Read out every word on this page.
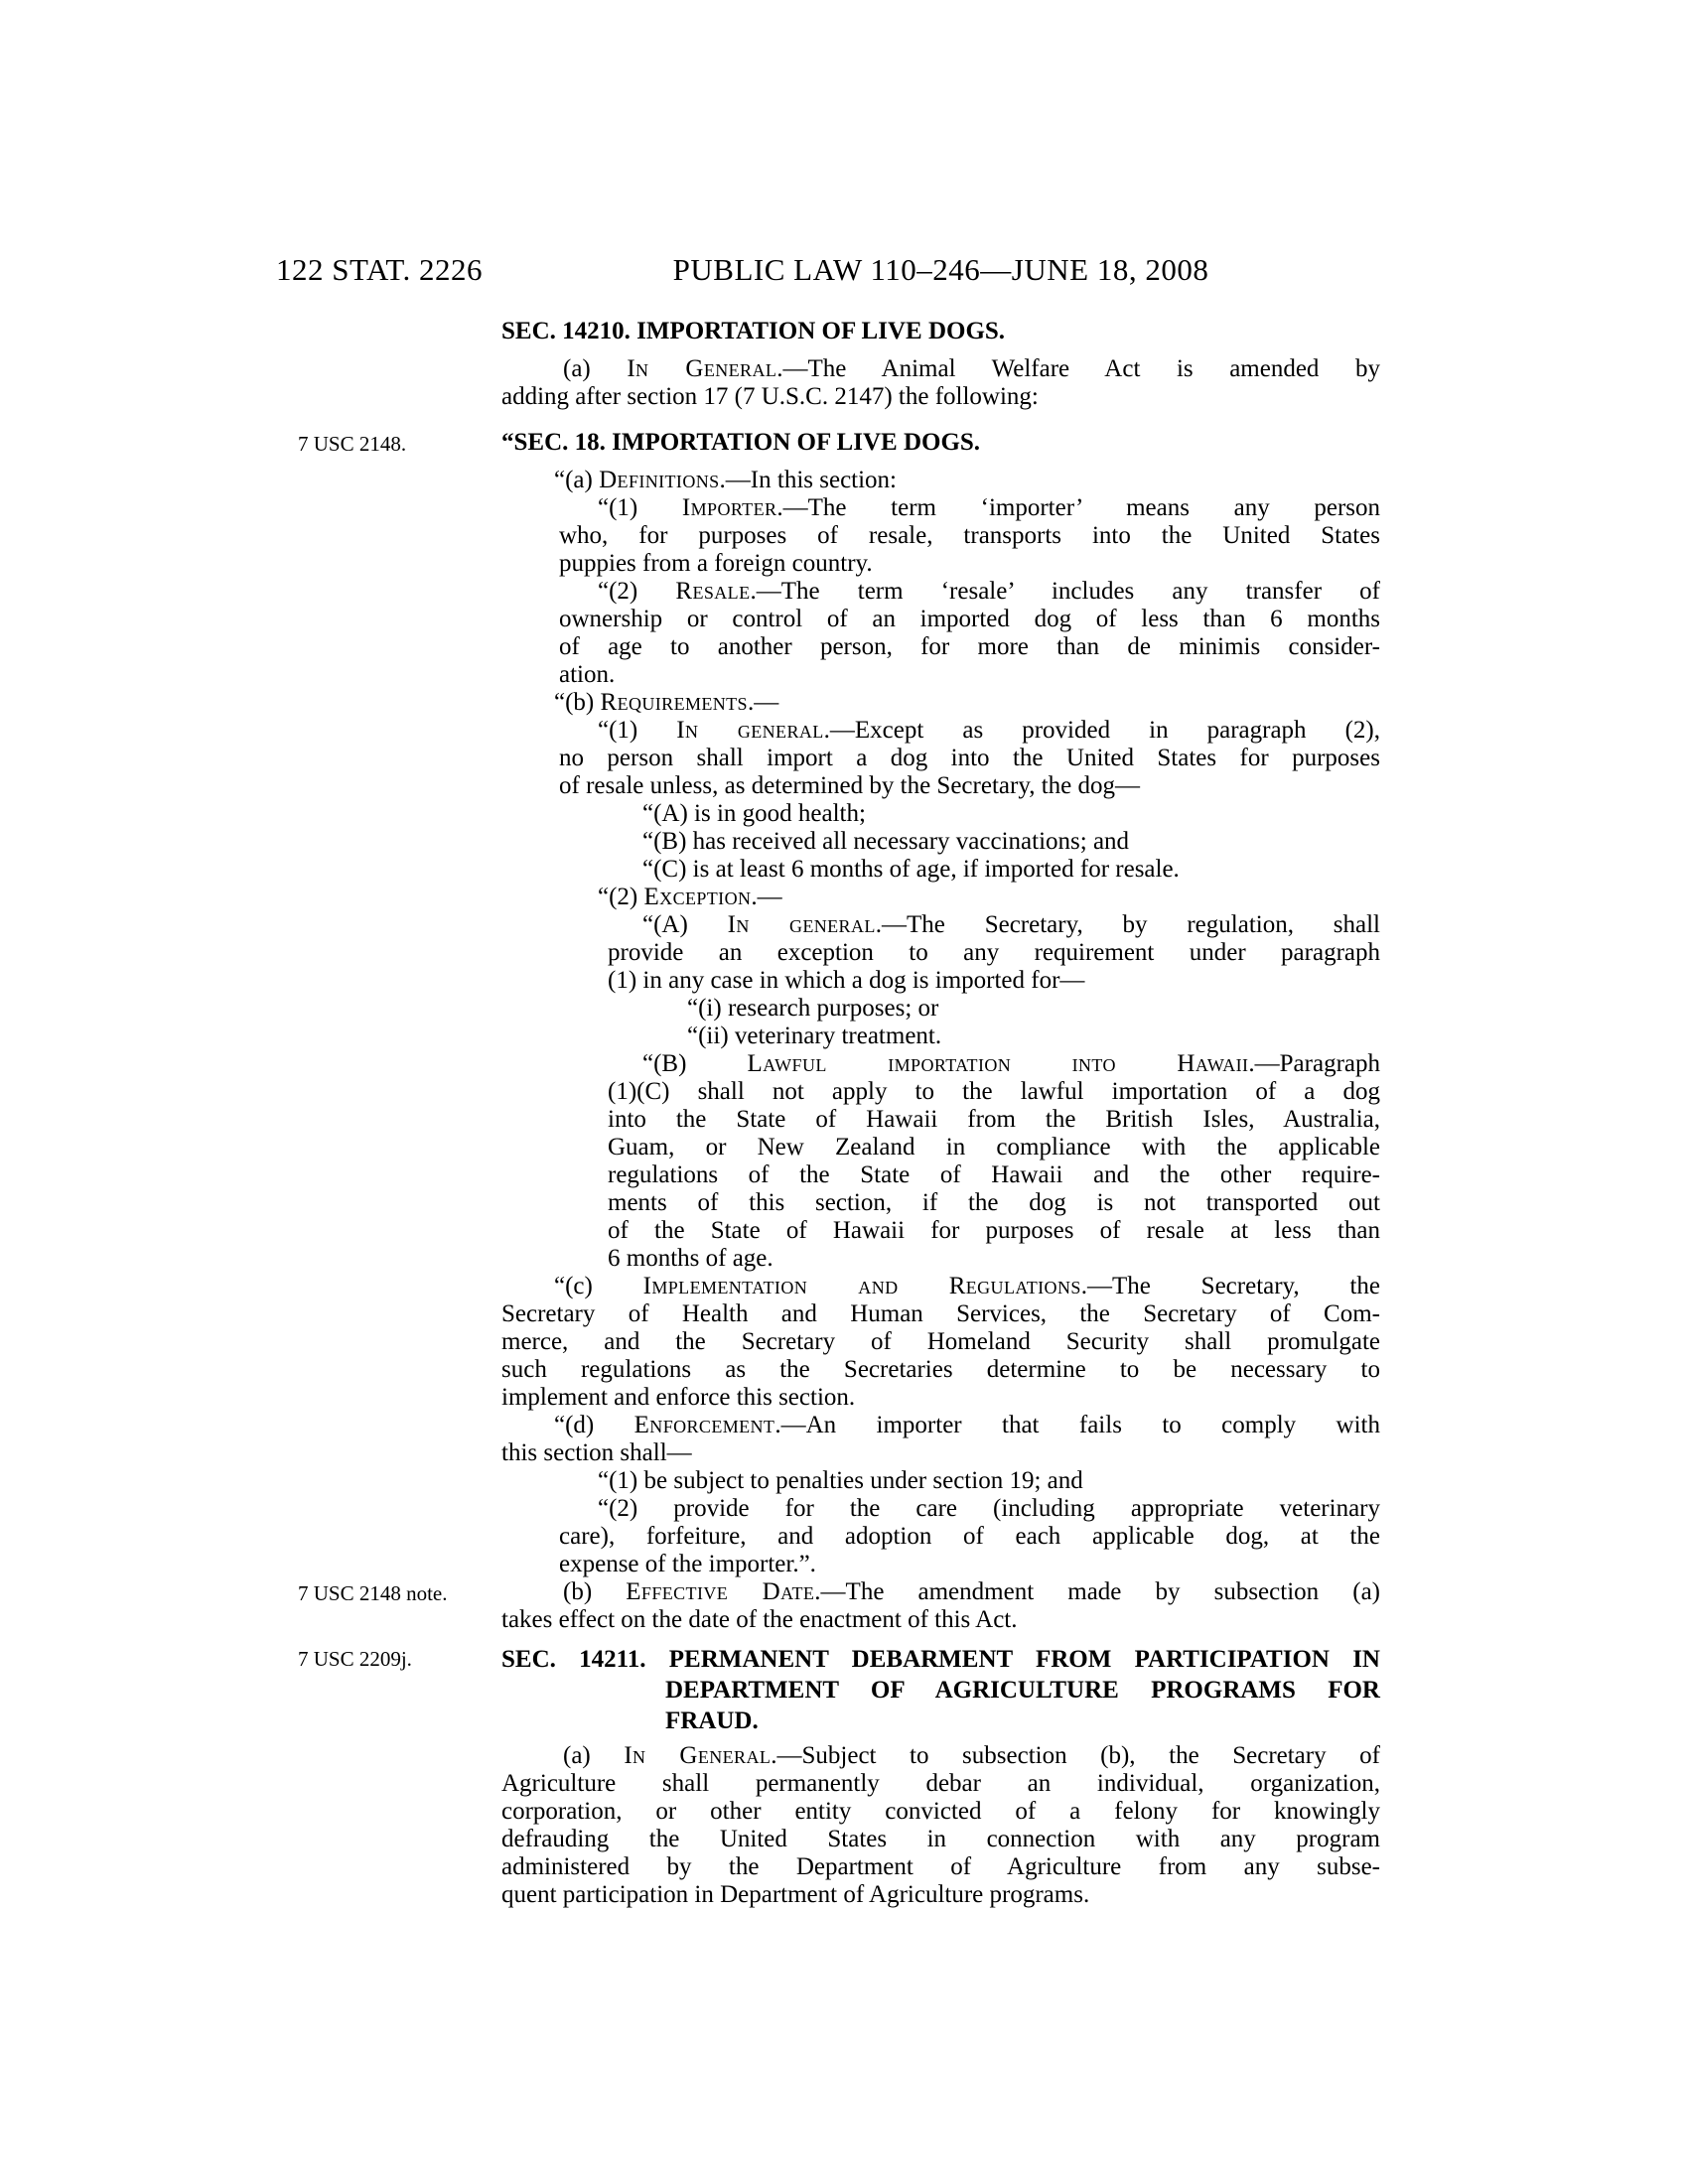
122 STAT. 2226	PUBLIC LAW 110–246—JUNE 18, 2008
SEC. 14210. IMPORTATION OF LIVE DOGS.
(a) In General.—The Animal Welfare Act is amended by
adding after section 17 (7 U.S.C. 2147) the following:
7 USC 2148.	“SEC. 18. IMPORTATION OF LIVE DOGS.
“(a) Definitions.—In this section:
“(1) Importer.—The term ‘importer’ means any person
who, for purposes of resale, transports into the United States
puppies from a foreign country.
“(2) Resale.—The term ‘resale’ includes any transfer of
ownership or control of an imported dog of less than 6 months
of age to another person, for more than de minimis consider-
ation.
“(b) Requirements.—
“(1) In general.—Except as provided in paragraph (2),
no person shall import a dog into the United States for purposes
of resale unless, as determined by the Secretary, the dog—
“(A) is in good health;
“(B) has received all necessary vaccinations; and
“(C) is at least 6 months of age, if imported for resale.
“(2) Exception.—
“(A) In general.—The Secretary, by regulation, shall
provide an exception to any requirement under paragraph
(1) in any case in which a dog is imported for—
“(i) research purposes; or
“(ii) veterinary treatment.
“(B) Lawful importation into Hawaii.—Paragraph
(1)(C) shall not apply to the lawful importation of a dog
into the State of Hawaii from the British Isles, Australia,
Guam, or New Zealand in compliance with the applicable
regulations of the State of Hawaii and the other require-
ments of this section, if the dog is not transported out
of the State of Hawaii for purposes of resale at less than
6 months of age.
“(c) Implementation and Regulations.—The Secretary, the
Secretary of Health and Human Services, the Secretary of Com-
merce, and the Secretary of Homeland Security shall promulgate
such regulations as the Secretaries determine to be necessary to
implement and enforce this section.
“(d) Enforcement.—An importer that fails to comply with
this section shall—
“(1) be subject to penalties under section 19; and
“(2) provide for the care (including appropriate veterinary
care), forfeiture, and adoption of each applicable dog, at the
expense of the importer.”.
7 USC 2148 note.	(b) Effective Date.—The amendment made by subsection (a)
takes effect on the date of the enactment of this Act.
7 USC 2209j.	SEC. 14211. PERMANENT DEBARMENT FROM PARTICIPATION IN
DEPARTMENT OF AGRICULTURE PROGRAMS FOR
FRAUD.
(a) In General.—Subject to subsection (b), the Secretary of
Agriculture shall permanently debar an individual, organization,
corporation, or other entity convicted of a felony for knowingly
defrauding the United States in connection with any program
administered by the Department of Agriculture from any subse-
quent participation in Department of Agriculture programs.
